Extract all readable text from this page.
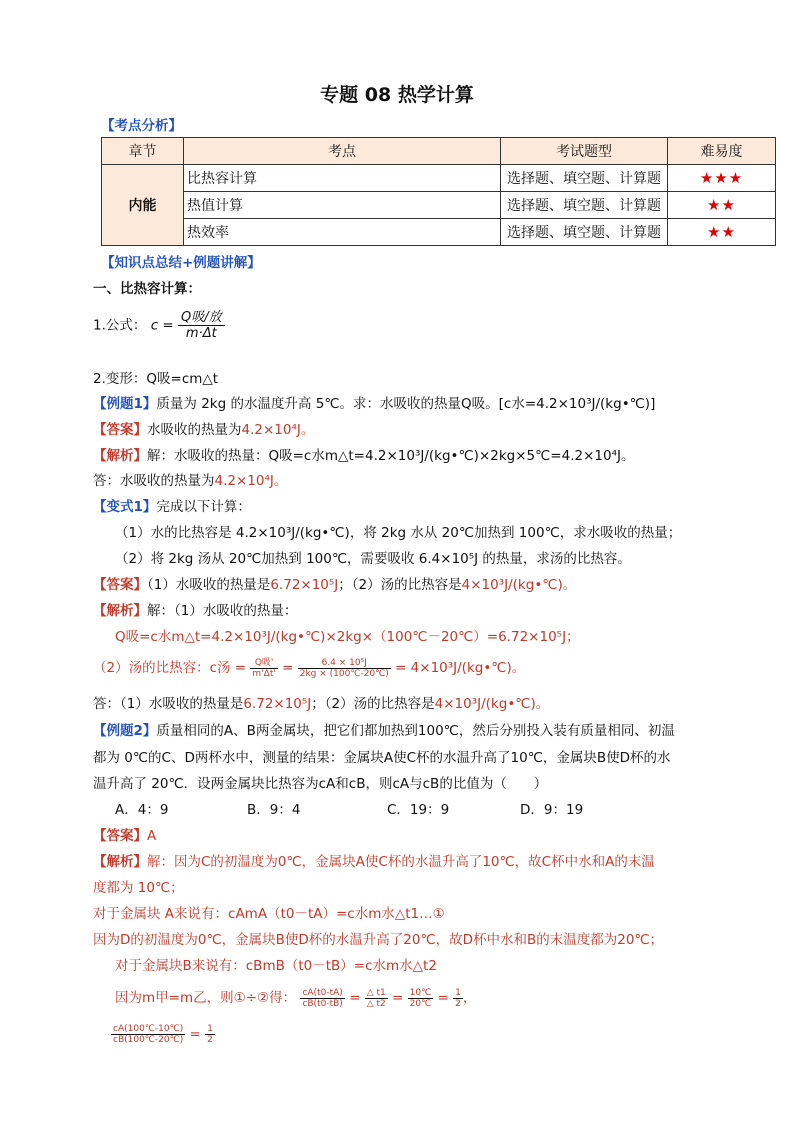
专题 08 热学计算
【考点分析】
章节	考点	考试题型	难易度
内能	比热容计算	选择题、填空题、计算题	★★★
	热值计算	选择题、填空题、计算题	★★
	热效率	选择题、填空题、计算题	★★
【知识点总结+例题讲解】
一、比热容计算：
1.公式： $c = \frac{\text{Q吸/放}}{m\cdot\Delta t}$
2.变形：Q吸=cm△t
【例题1】质量为 2kg 的水温度升高 5℃。求：水吸收的热量Q吸。[c水=4.2×10³J/(kg•℃)]
【答案】水吸收的热量为4.2×10⁴J。
【解析】解：水吸收的热量：Q吸=c水m△t=4.2×10³J/(kg•℃)×2kg×5℃=4.2×10⁴J。
答：水吸收的热量为4.2×10⁴J。
【变式1】完成以下计算：
（1）水的比热容是 4.2×10³J/(kg•℃)，将 2kg 水从 20℃加热到 100℃，求水吸收的热量；
（2）将 2kg 汤从 20℃加热到 100℃，需要吸收 6.4×10⁵J 的热量，求汤的比热容。
【答案】（1）水吸收的热量是6.72×10⁵J；（2）汤的比热容是4×10³J/(kg•℃)。
【解析】解：（1）水吸收的热量：
Q吸=c水m△t=4.2×10³J/(kg•℃)×2kg×（100℃－20℃）=6.72×10⁵J；
（2）汤的比热容：c汤 = $\frac{\text{Q吸'}}{m'\Delta t'} = \frac{\text{6.4 × 10⁵J}}{2kg \times (100℃-20℃)}$ = 4×10³J/(kg•℃)。
答：（1）水吸收的热量是6.72×10⁵J；（2）汤的比热容是4×10³J/(kg•℃)。
【例题2】质量相同的A、B两金属块，把它们都加热到100℃，然后分别投入装有质量相同、初温
都为 0℃的C、D两杯水中，测量的结果：金属块A使C杯的水温升高了10℃，金属块B使D杯的水
温升高了 20℃．设两金属块比热容为cA和cB，则cA与cB的比值为（　　）
A．4：9	B．9：4	C．19：9	D．9：19
【答案】A
【解析】解：因为C的初温度为0℃，金属块A使C杯的水温升高了10℃，故C杯中水和A的末温
度都为 10℃；
对于金属块 A来说有：cAmA（t0－tA）=c水m水△t1…①
因为D的初温度为0℃，金属块B使D杯的水温升高了20℃，故D杯中水和B的末温度都为20℃；
对于金属块B来说有：cBmB（t0－tB）=c水m水△t2
因为m甲=m乙，则①÷②得： $\frac{cA(t0-tA)}{cB(t0-tB)} = \frac{\triangle t1}{\triangle t2} = \frac{10℃}{20℃} = \frac{1}{2}$ ，
$\frac{cA(100℃-10℃)}{cB(100℃-20℃)} = \frac{1}{2}$
